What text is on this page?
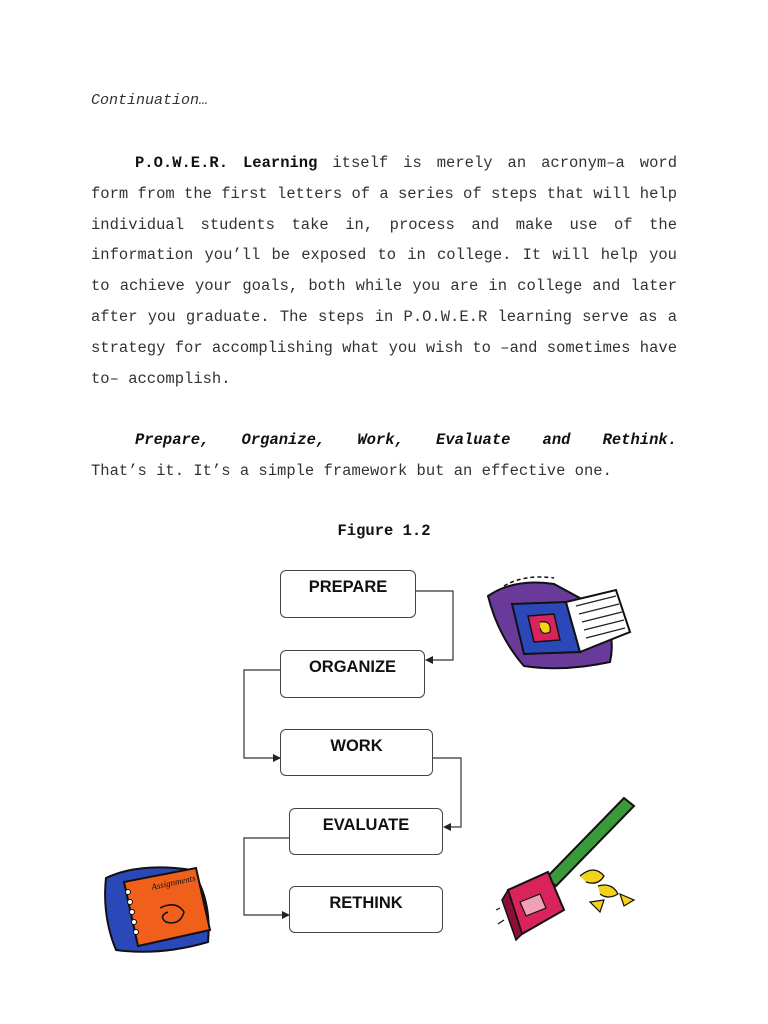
Continuation…

P.O.W.E.R. Learning itself is merely an acronym–a word form from the first letters of a series of steps that will help individual students take in, process and make use of the information you’ll be exposed to in college. It will help you to achieve your goals, both while you are in college and later after you graduate. The steps in P.O.W.E.R learning serve as a strategy for accomplishing what you wish to –and sometimes have to– accomplish.

Prepare, Organize, Work, Evaluate and Rethink. That’s it. It’s a simple framework but an effective one.

Figure 1.2
PREPARE
ORGANIZE
WORK
EVALUATE
RETHINK
Assignments
